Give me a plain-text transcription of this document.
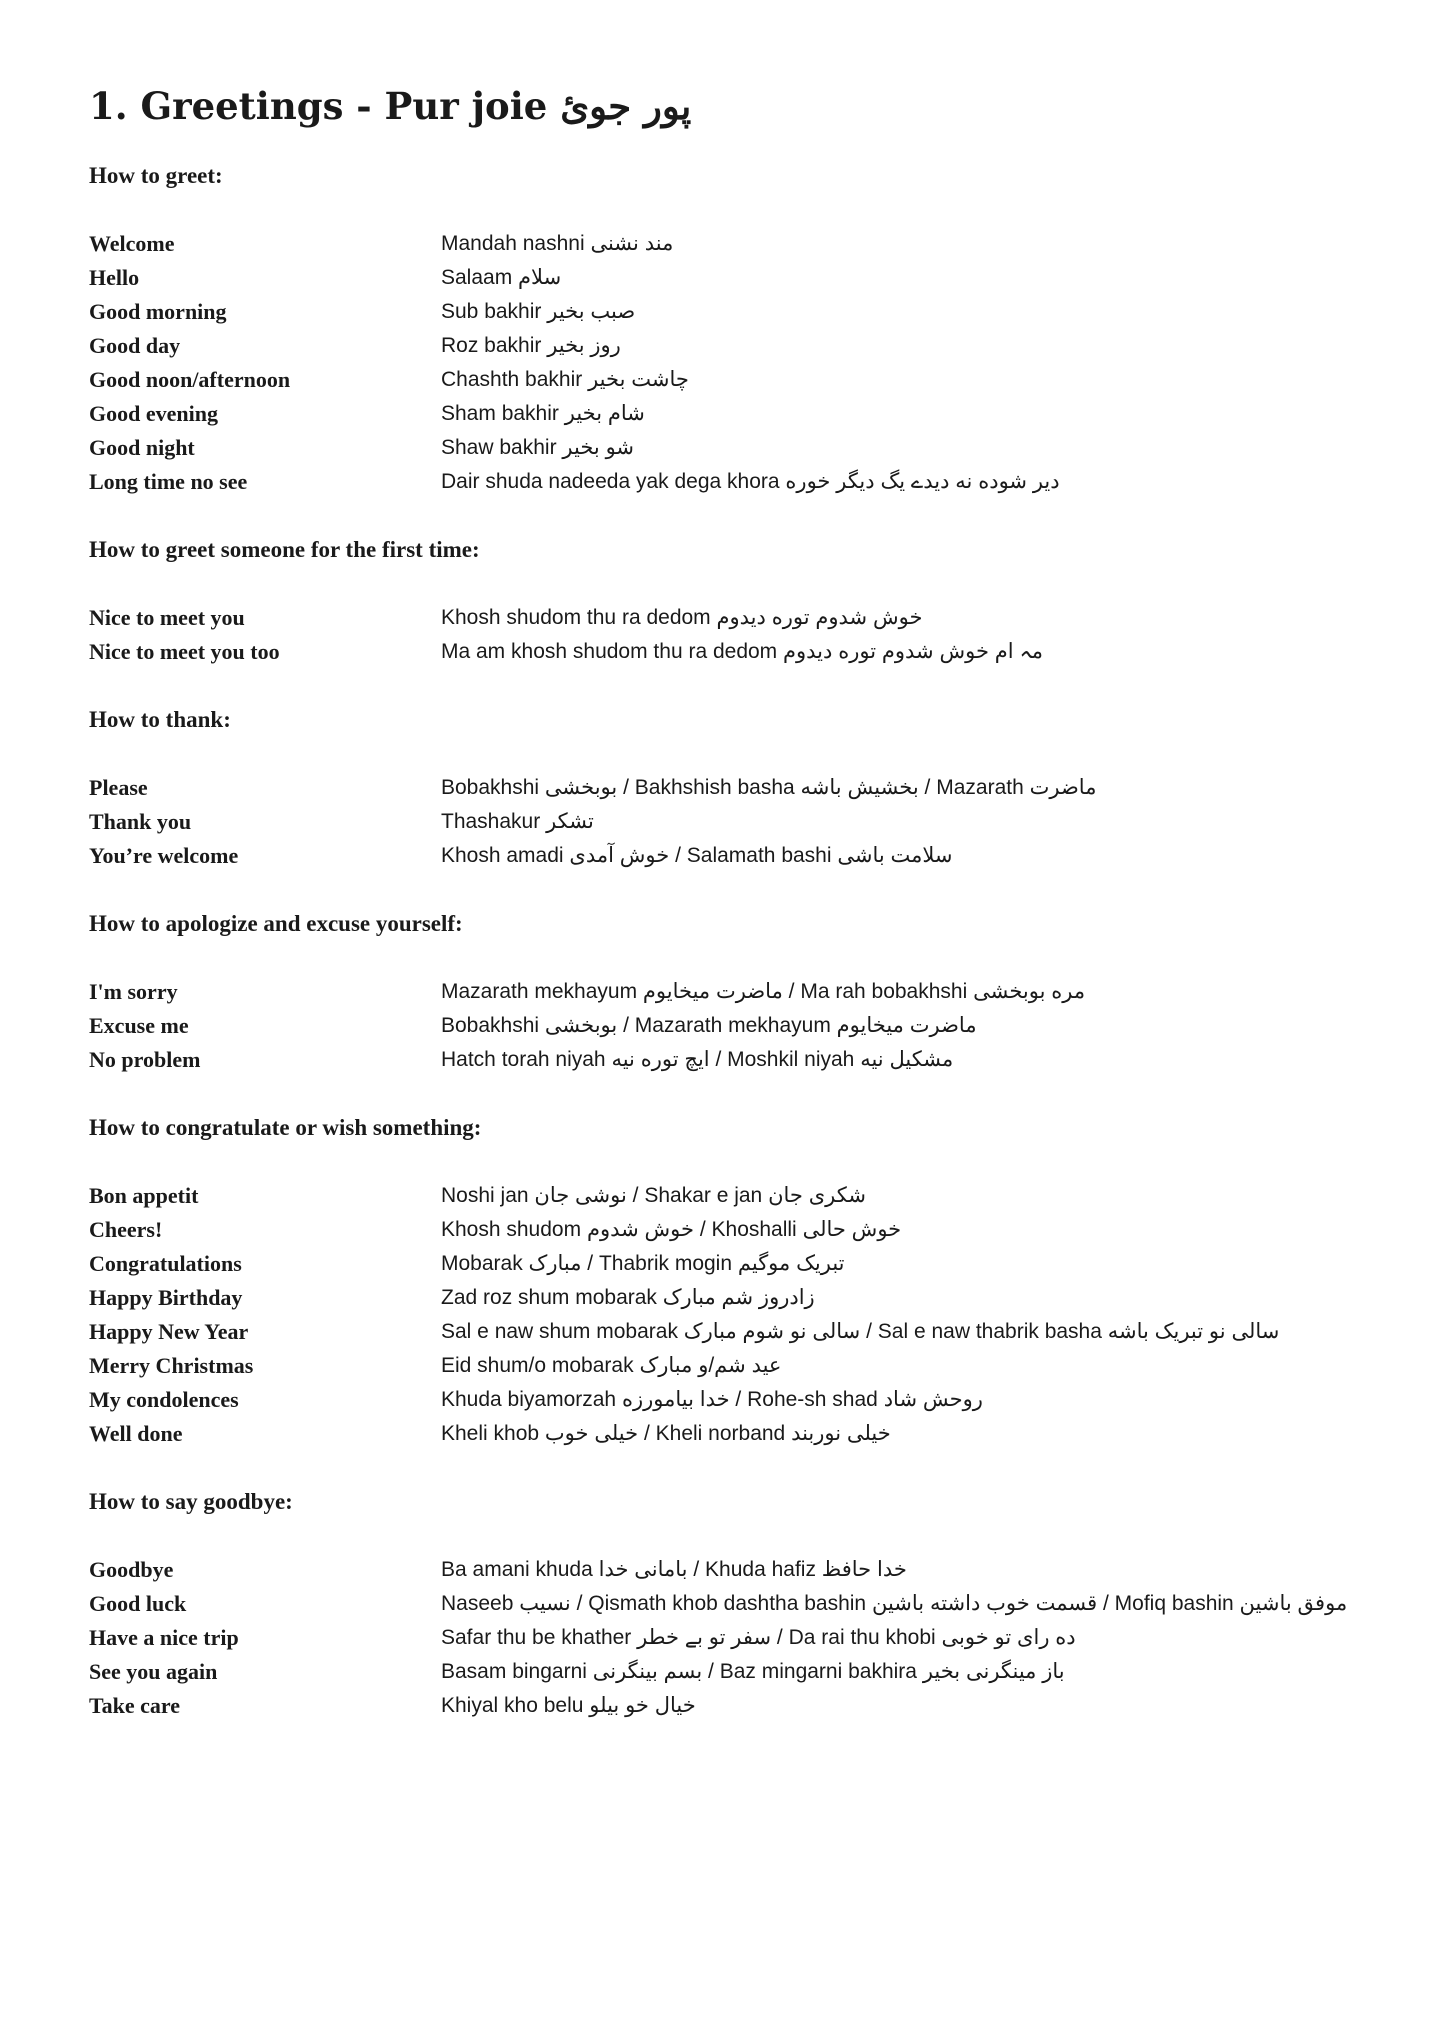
1. Greetings - Pur joie پور جوئ
How to greet:
Welcome	Mandah nashni مند نشنی
Hello	Salaam سلام
Good morning	Sub bakhir صبب بخیر
Good day	Roz bakhir روز بخیر
Good noon/afternoon	Chashth bakhir چاشت بخیر
Good evening	Sham bakhir شام بخیر
Good night	Shaw bakhir شو بخیر
Long time no see	Dair shuda nadeeda yak dega khora دیر شوده نه دیدے یگ دیگر خوره
How to greet someone for the first time:
Nice to meet you	Khosh shudom thu ra dedom خوش شدوم توره دیدوم
Nice to meet you too	Ma am khosh shudom thu ra dedom مہ ام خوش شدوم توره دیدوم
How to thank:
Please	Bobakhshi بوبخشی / Bakhshish basha بخشیش باشه / Mazarath ماضرت
Thank you	Thashakur تشکر
You’re welcome	Khosh amadi خوش آمدی / Salamath bashi سلامت باشی
How to apologize and excuse yourself:
I'm sorry	Mazarath mekhayum ماضرت میخایوم / Ma rah bobakhshi مره بوبخشی
Excuse me	Bobakhshi بوبخشی / Mazarath mekhayum ماضرت میخایوم
No problem	Hatch torah niyah ایچ توره نیه / Moshkil niyah مشکیل نیه
How to congratulate or wish something:
Bon appetit	Noshi jan نوشی جان / Shakar e jan شکری جان
Cheers!	Khosh shudom خوش شدوم / Khoshalli خوش حالی
Congratulations	Mobarak مبارک / Thabrik mogin تبریک موگیم
Happy Birthday	Zad roz shum mobarak زادروز شم مبارک
Happy New Year	Sal e naw shum mobarak سالی نو شوم مبارک / Sal e naw thabrik basha سالی نو تبریک باشه
Merry Christmas	Eid shum/o mobarak عید شم/و مبارک
My condolences	Khuda biyamorzah خدا بیامورزه / Rohe-sh shad روحش شاد
Well done	Kheli khob خیلی خوب / Kheli norband خیلی نوربند
How to say goodbye:
Goodbye	Ba amani khuda بامانی خدا / Khuda hafiz خدا حافظ
Good luck	Naseeb نسیب / Qismath khob dashtha bashin قسمت خوب داشته باشین / Mofiq bashin موفق باشین
Have a nice trip	Safar thu be khather سفر تو بے خطر / Da rai thu khobi ده رای تو خوبی
See you again	Basam bingarni بسم بینگرنی / Baz mingarni bakhira باز مینگرنی بخیر
Take care	Khiyal kho belu خیال خو بیلو
